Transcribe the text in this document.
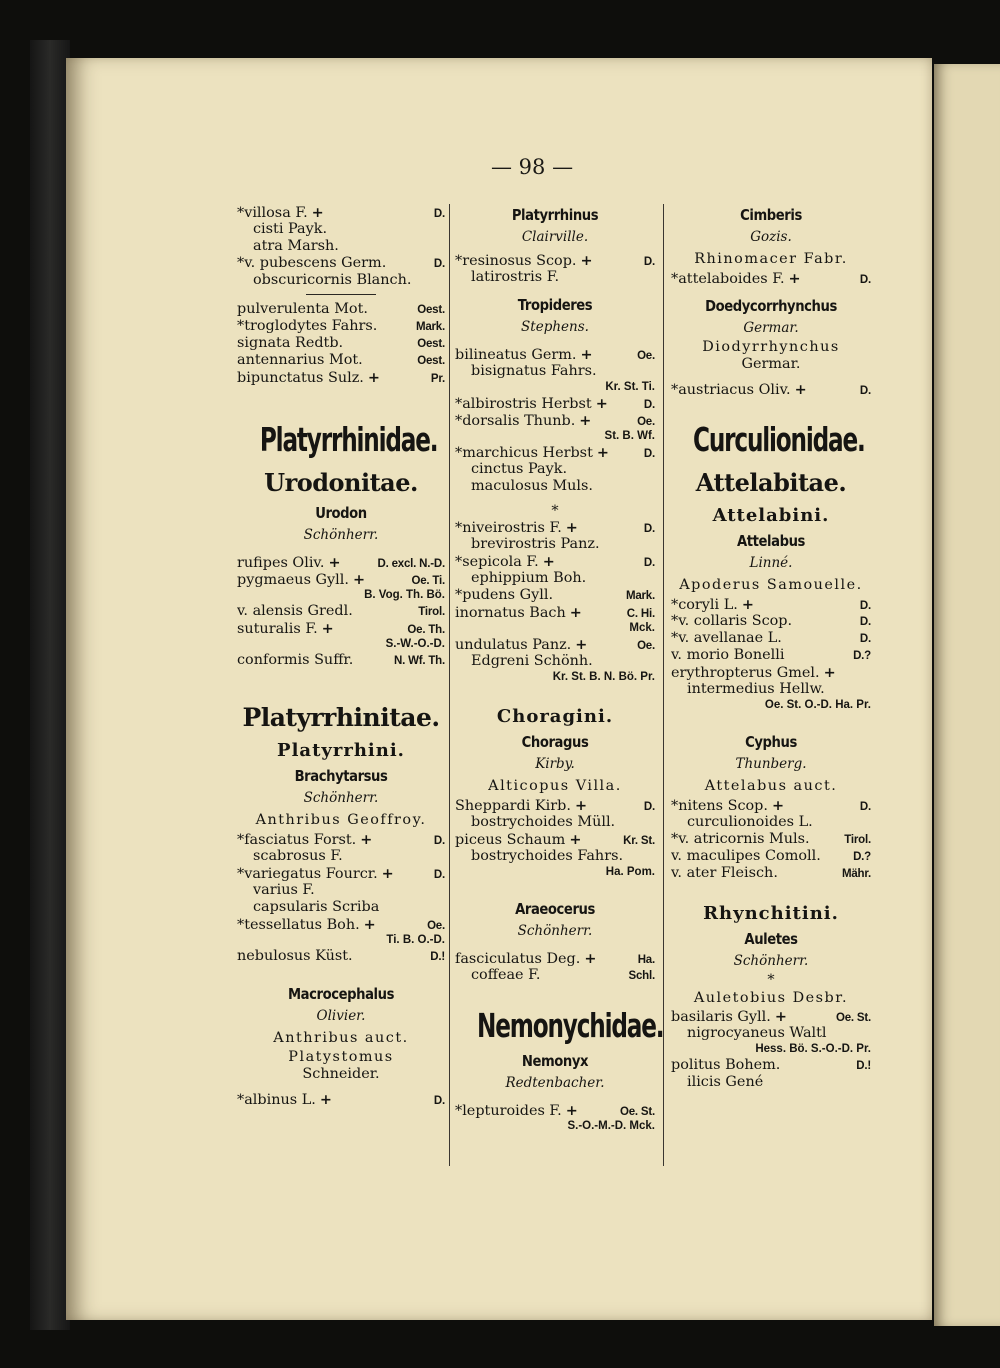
— 98 —
*villosa F. +	D.
cisti Payk.
atra Marsh.
*v. pubescens Germ.	D.
obscuricornis Blanch.
pulverulenta Mot.	Oest.
*troglodytes Fahrs.	Mark.
signata Redtb.	Oest.
antennarius Mot.	Oest.
bipunctatus Sulz. +	Pr.
Platyrrhinidae.
Urodonitae.
Urodon
Schönherr.
rufipes Oliv. +	D. excl. N.-D.
pygmaeus Gyll. +	Oe. Ti.
B. Vog. Th. Bö.
v. alensis Gredl.	Tirol.
suturalis F. +	Oe. Th.
S.-W.-O.-D.
conformis Suffr.	N. Wf. Th.
Platyrrhinitae.
Platyrrhini.
Brachytarsus
Schönherr.
Anthribus Geoffroy.
*fasciatus Forst. +	D.
scabrosus F.
*variegatus Fourcr. +	D.
varius F.
capsularis Scriba
*tessellatus Boh. +	Oe.
Ti. B. O.-D.
nebulosus Küst.	D.!
Macrocephalus
Olivier.
Anthribus auct.
Platystomus
Schneider.
*albinus L. +	D.
Platyrrhinus
Clairville.
*resinosus Scop. +	D.
latirostris F.
Tropideres
Stephens.
bilineatus Germ. +	Oe.
bisignatus Fahrs.
Kr. St. Ti.
*albirostris Herbst +	D.
*dorsalis Thunb. +	Oe.
St. B. Wf.
*marchicus Herbst +	D.
cinctus Payk.
maculosus Muls.
*
*niveirostris F. +	D.
brevirostris Panz.
*sepicola F. +	D.
ephippium Boh.
*pudens Gyll.	Mark.
inornatus Bach +	C. Hi.
Mck.
undulatus Panz. +	Oe.
Edgreni Schönh.
Kr. St. B. N. Bö. Pr.
Choragini.
Choragus
Kirby.
Alticopus Villa.
Sheppardi Kirb. +	D.
bostrychoides Müll.
piceus Schaum +	Kr. St.
bostrychoides Fahrs.
Ha. Pom.
Araeocerus
Schönherr.
fasciculatus Deg. +	Ha.
coffeae F.	Schl.
Nemonychidae.
Nemonyx
Redtenbacher.
*lepturoides F. +	Oe. St.
S.-O.-M.-D. Mck.
Cimberis
Gozis.
Rhinomacer Fabr.
*attelaboides F. +	D.
Doedycorrhynchus
Germar.
Diodyrrhynchus
Germar.
*austriacus Oliv. +	D.
Curculionidae.
Attelabitae.
Attelabini.
Attelabus
Linné.
Apoderus Samouelle.
*coryli L. +	D.
*v. collaris Scop.	D.
*v. avellanae L.	D.
v. morio Bonelli	D.?
erythropterus Gmel. +
intermedius Hellw.
Oe. St. O.-D. Ha. Pr.
Cyphus
Thunberg.
Attelabus auct.
*nitens Scop. +	D.
curculionoides L.
*v. atricornis Muls.	Tirol.
v. maculipes Comoll.	D.?
v. ater Fleisch.	Mähr.
Rhynchitini.
Auletes
Schönherr.
*
Auletobius Desbr.
basilaris Gyll. +	Oe. St.
nigrocyaneus Waltl
Hess. Bö. S.-O.-D. Pr.
politus Bohem.	D.!
ilicis Gené
